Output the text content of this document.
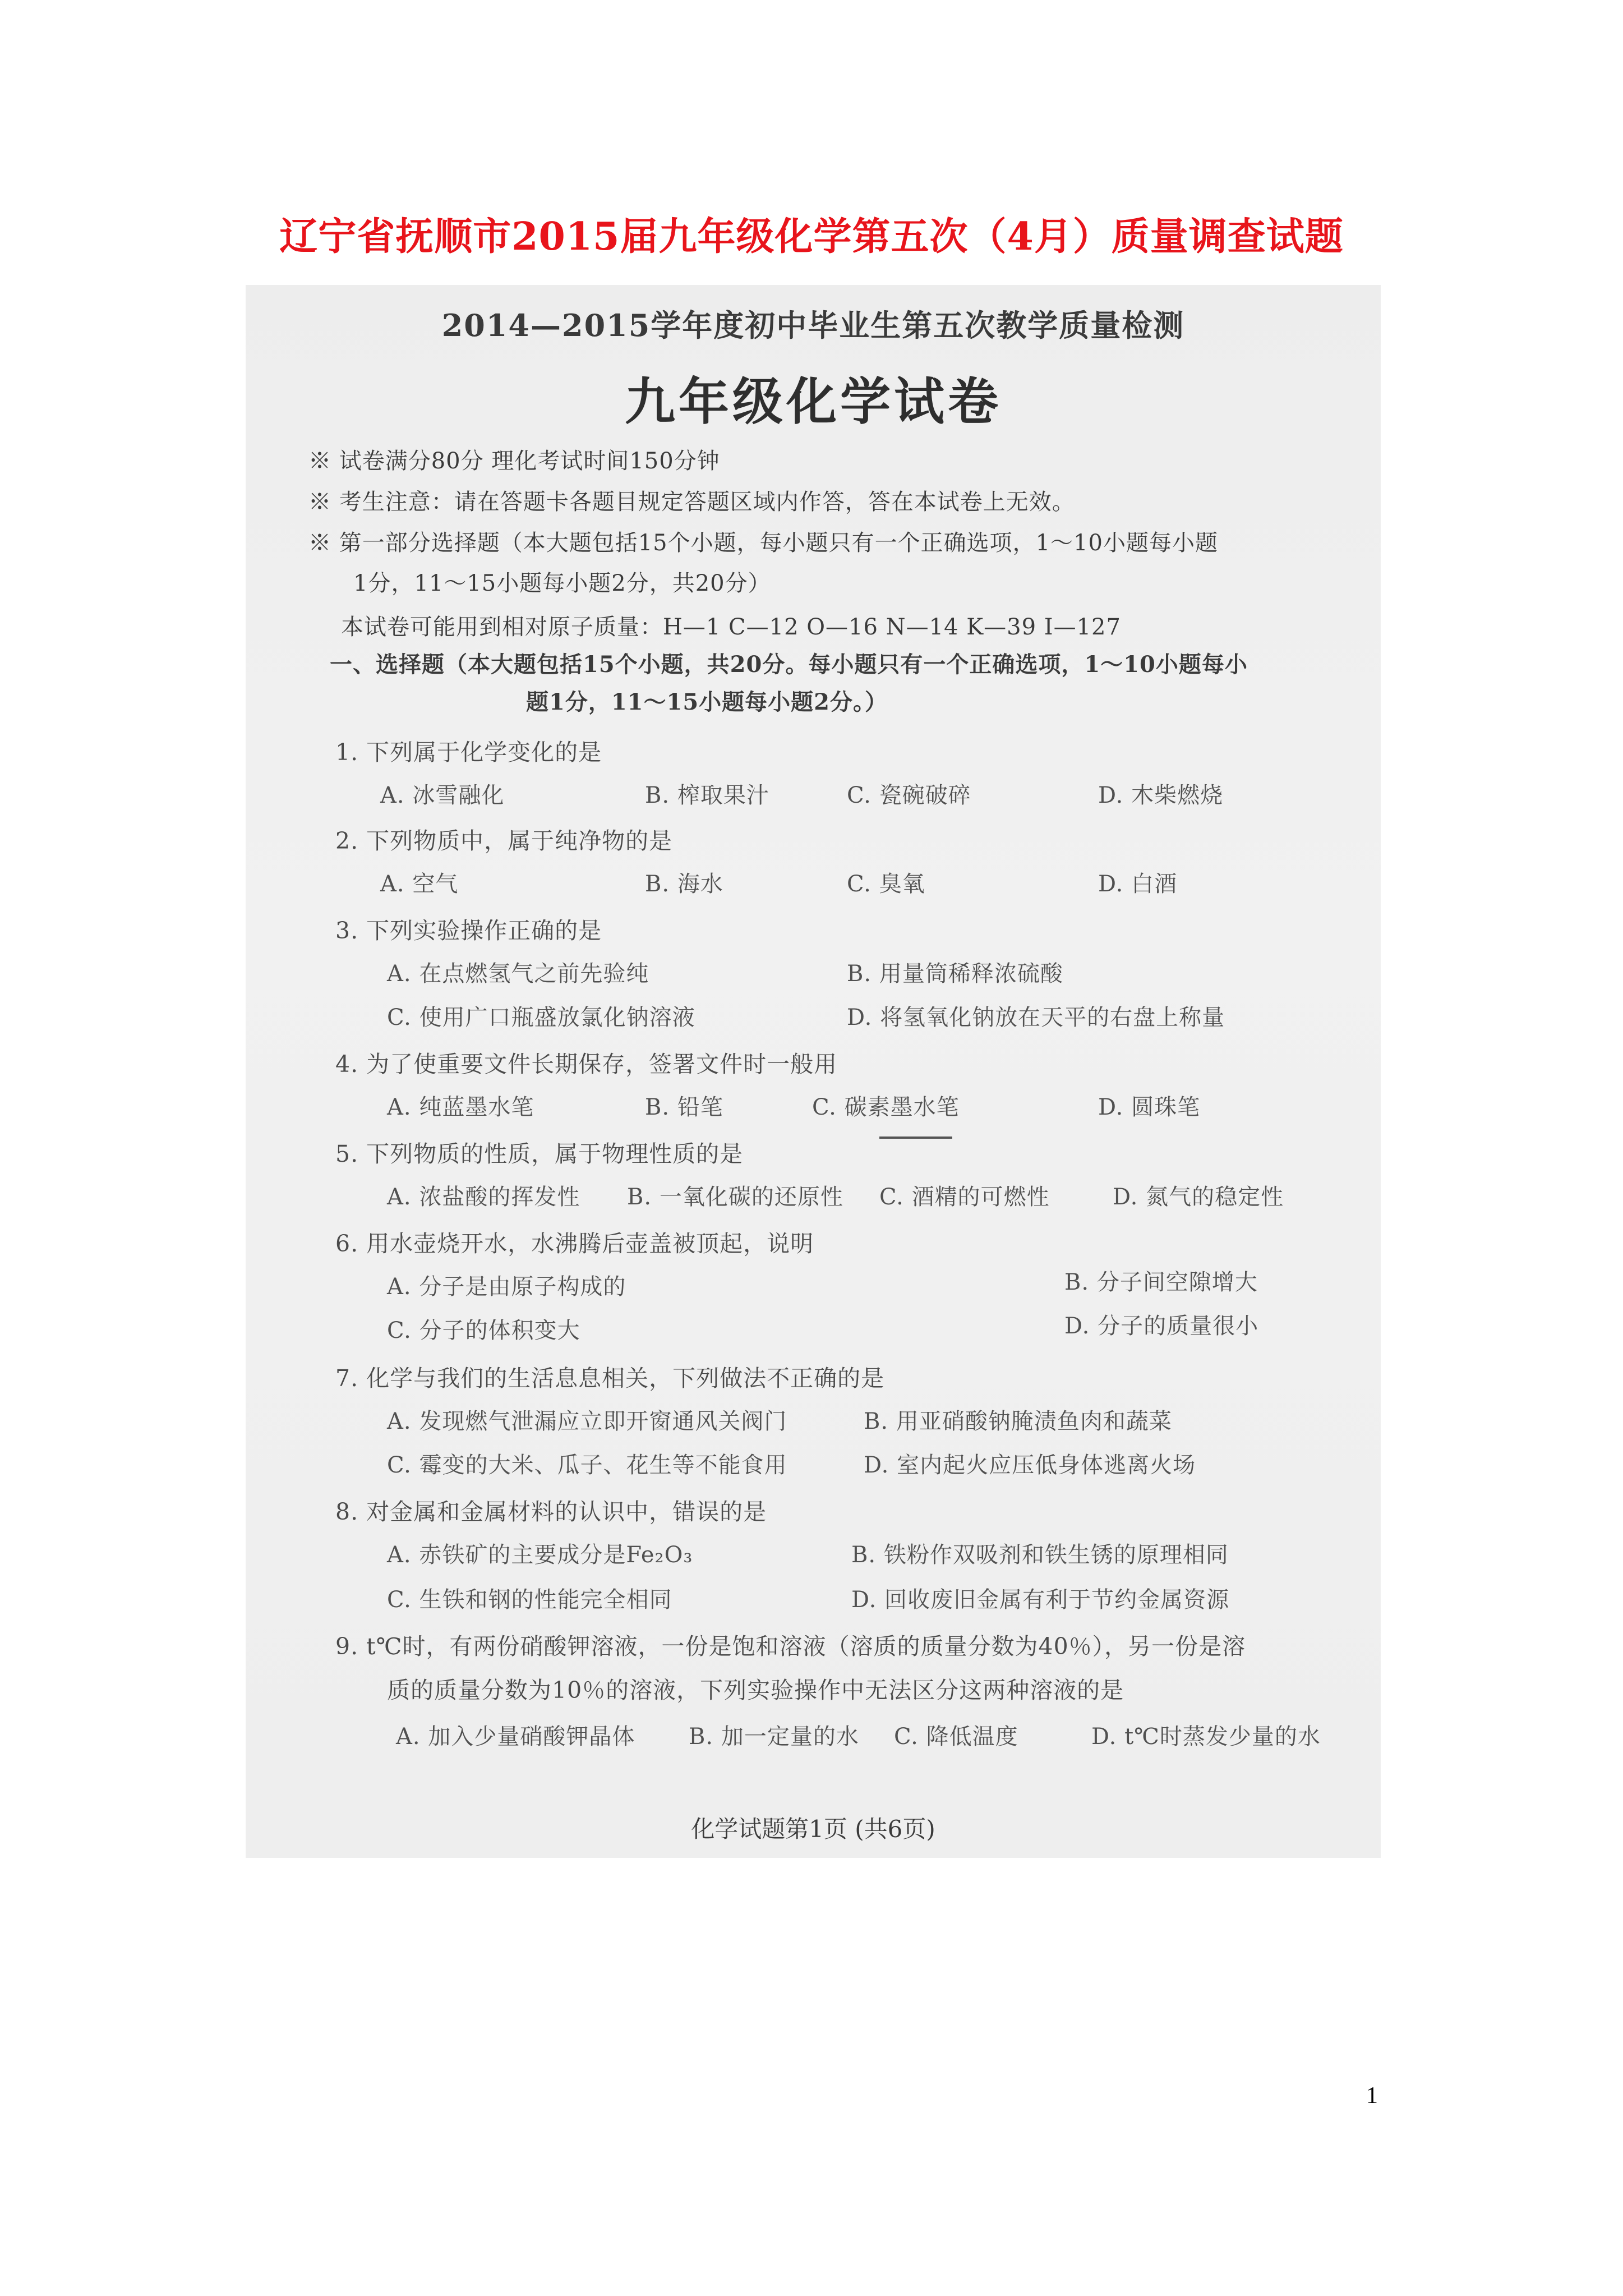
辽宁省抚顺市2015届九年级化学第五次（4月）质量调查试题
2014—2015学年度初中毕业生第五次教学质量检测
九年级化学试卷
※ 试卷满分80分 理化考试时间150分钟
※ 考生注意：请在答题卡各题目规定答题区域内作答，答在本试卷上无效。
※ 第一部分选择题（本大题包括15个小题，每小题只有一个正确选项，1～10小题每小题
1分，11～15小题每小题2分，共20分）
本试卷可能用到相对原子质量：H—1 C—12 O—16 N—14 K—39 I—127
一、选择题（本大题包括15个小题，共20分。每小题只有一个正确选项，1～10小题每小
题1分，11～15小题每小题2分。）
1. 下列属于化学变化的是
A. 冰雪融化	B. 榨取果汁	C. 瓷碗破碎	D. 木柴燃烧
2. 下列物质中，属于纯净物的是
A. 空气	B. 海水	C. 臭氧	D. 白酒
3. 下列实验操作正确的是
A. 在点燃氢气之前先验纯	B. 用量筒稀释浓硫酸
C. 使用广口瓶盛放氯化钠溶液	D. 将氢氧化钠放在天平的右盘上称量
4. 为了使重要文件长期保存，签署文件时一般用
A. 纯蓝墨水笔	B. 铅笔	C. 碳素墨水笔	D. 圆珠笔
5. 下列物质的性质，属于物理性质的是
A. 浓盐酸的挥发性 B. 一氧化碳的还原性 C. 酒精的可燃性	D. 氮气的稳定性
6. 用水壶烧开水，水沸腾后壶盖被顶起，说明
A. 分子是由原子构成的	B. 分子间空隙增大
C. 分子的体积变大	D. 分子的质量很小
7. 化学与我们的生活息息相关，下列做法不正确的是
A. 发现燃气泄漏应立即开窗通风关阀门	B. 用亚硝酸钠腌渍鱼肉和蔬菜
C. 霉变的大米、瓜子、花生等不能食用	D. 室内起火应压低身体逃离火场
8. 对金属和金属材料的认识中，错误的是
A. 赤铁矿的主要成分是Fe₂O₃	B. 铁粉作双吸剂和铁生锈的原理相同
C. 生铁和钢的性能完全相同	D. 回收废旧金属有利于节约金属资源
9. t℃时，有两份硝酸钾溶液，一份是饱和溶液（溶质的质量分数为40％），另一份是溶
质的质量分数为10％的溶液，下列实验操作中无法区分这两种溶液的是
A. 加入少量硝酸钾晶体 B. 加一定量的水 C. 降低温度	D. t℃时蒸发少量的水
化学试题第1页 (共6页)
1
